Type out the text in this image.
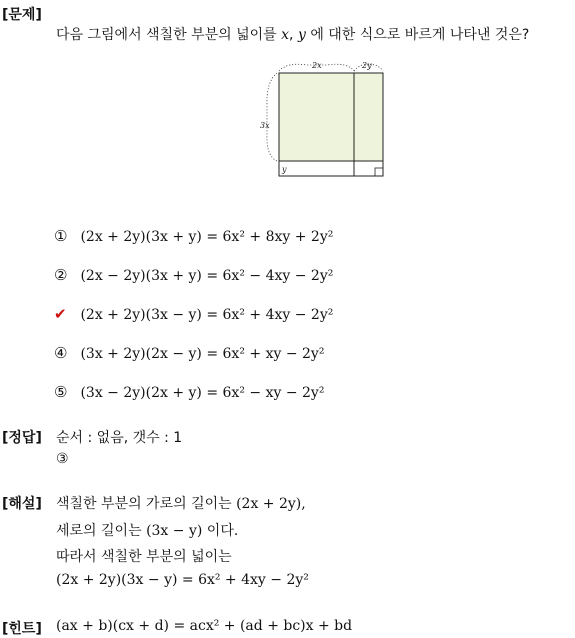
[문제]
다음 그림에서 색칠한 부분의 넓이를 x, y 에 대한 식으로 바르게 나타낸 것은?
2x	2y
3x
y
① (2x + 2y)(3x + y) = 6x² + 8xy + 2y²
② (2x − 2y)(3x + y) = 6x² − 4xy − 2y²
✔ (2x + 2y)(3x − y) = 6x² + 4xy − 2y²
④ (3x + 2y)(2x − y) = 6x² + xy − 2y²
⑤ (3x − 2y)(2x + y) = 6x² − xy − 2y²
[정답] 순서 : 없음, 갯수 : 1
③
[해설] 색칠한 부분의 가로의 길이는 (2x + 2y),
세로의 길이는 (3x − y) 이다.
따라서 색칠한 부분의 넓이는
(2x + 2y)(3x − y) = 6x² + 4xy − 2y²
[힌트] (ax + b)(cx + d) = acx² + (ad + bc)x + bd
